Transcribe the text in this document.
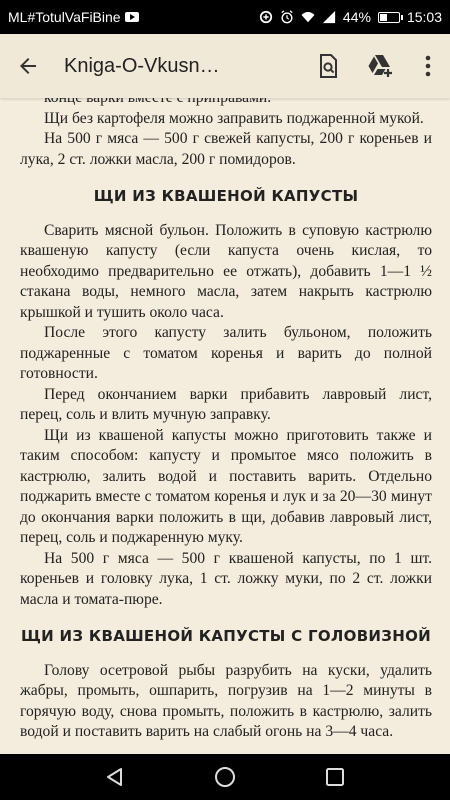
ML#TotulVaFiBine	44%	15:03
Kniga-O-Vkusn…
Щи без картофеля можно заправить поджаренной мукой.
На 500 г мяса — 500 г свежей капусты, 200 г кореньев и лука, 2 ст. ложки масла, 200 г помидоров.
ЩИ ИЗ КВАШЕНОЙ КАПУСТЫ
Сварить мясной бульон. Положить в суповую кастрюлю квашеную капусту (если капуста очень кислая, то необходимо предварительно ее отжать), добавить 1—1 ½ стакана воды, немного масла, затем накрыть кастрюлю крышкой и тушить около часа.
После этого капусту залить бульоном, положить поджаренные с томатом коренья и варить до полной готовности.
Перед окончанием варки прибавить лавровый лист, перец, соль и влить мучную заправку.
Щи из квашеной капусты можно приготовить также и таким способом: капусту и промытое мясо положить в кастрюлю, залить водой и поставить варить. Отдельно поджарить вместе с томатом коренья и лук и за 20—30 минут до окончания варки положить в щи, добавив лавровый лист, перец, соль и поджаренную муку.
На 500 г мяса — 500 г квашеной капусты, по 1 шт. кореньев и головку лука, 1 ст. ложку муки, по 2 ст. ложки масла и томата-пюре.
ЩИ ИЗ КВАШЕНОЙ КАПУСТЫ С ГОЛОВИЗНОЙ
Голову осетровой рыбы разрубить на куски, удалить жабры, промыть, ошпарить, погрузив на 1—2 минуты в горячую воду, снова промыть, положить в кастрюлю, залить водой и поставить варить на слабый огонь на 3—4 часа.
